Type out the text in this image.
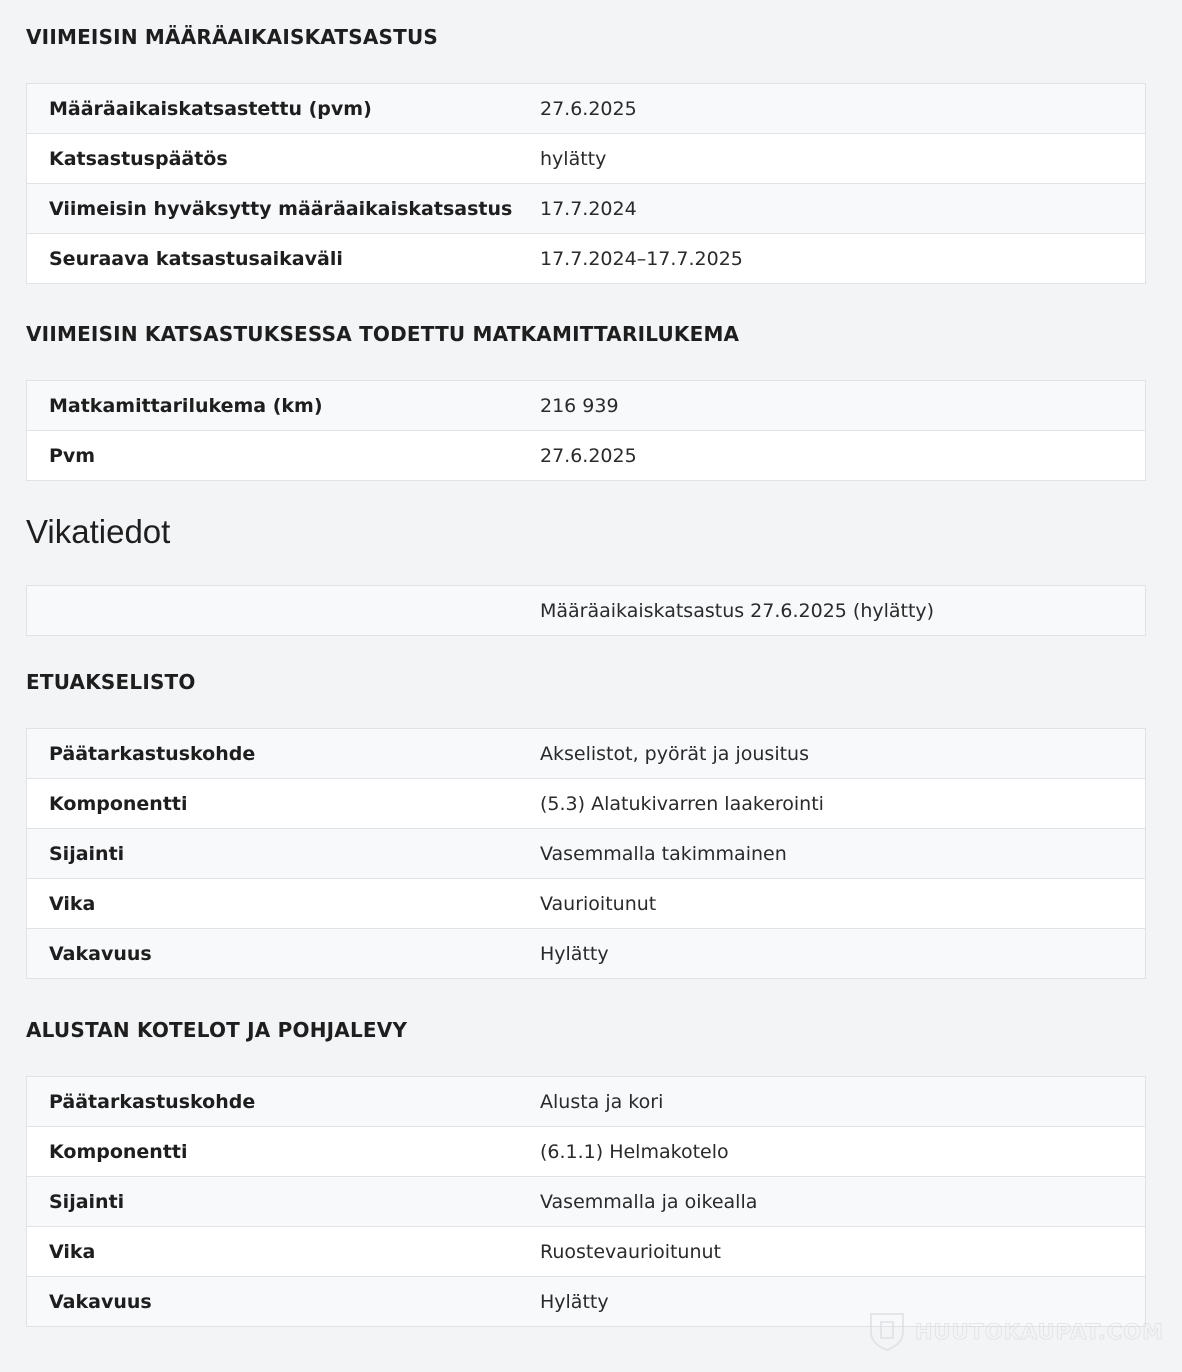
VIIMEISIN MÄÄRÄAIKAISKATSASTUS
Määräaikaiskatsastettu (pvm)	27.6.2025
Katsastuspäätös	hylätty
Viimeisin hyväksytty määräaikaiskatsastus	17.7.2024
Seuraava katsastusaikaväli	17.7.2024–17.7.2025
VIIMEISIN KATSASTUKSESSA TODETTU MATKAMITTARILUKEMA
Matkamittarilukema (km)	216 939
Pvm	27.6.2025
Vikatiedot
	Määräaikaiskatsastus 27.6.2025 (hylätty)
ETUAKSELISTO
Päätarkastuskohde	Akselistot, pyörät ja jousitus
Komponentti	(5.3) Alatukivarren laakerointi
Sijainti	Vasemmalla takimmainen
Vika	Vaurioitunut
Vakavuus	Hylätty
ALUSTAN KOTELOT JA POHJALEVY
Päätarkastuskohde	Alusta ja kori
Komponentti	(6.1.1) Helmakotelo
Sijainti	Vasemmalla ja oikealla
Vika	Ruostevaurioitunut
Vakavuus	Hylätty
HUUTOKAUPAT.COM
